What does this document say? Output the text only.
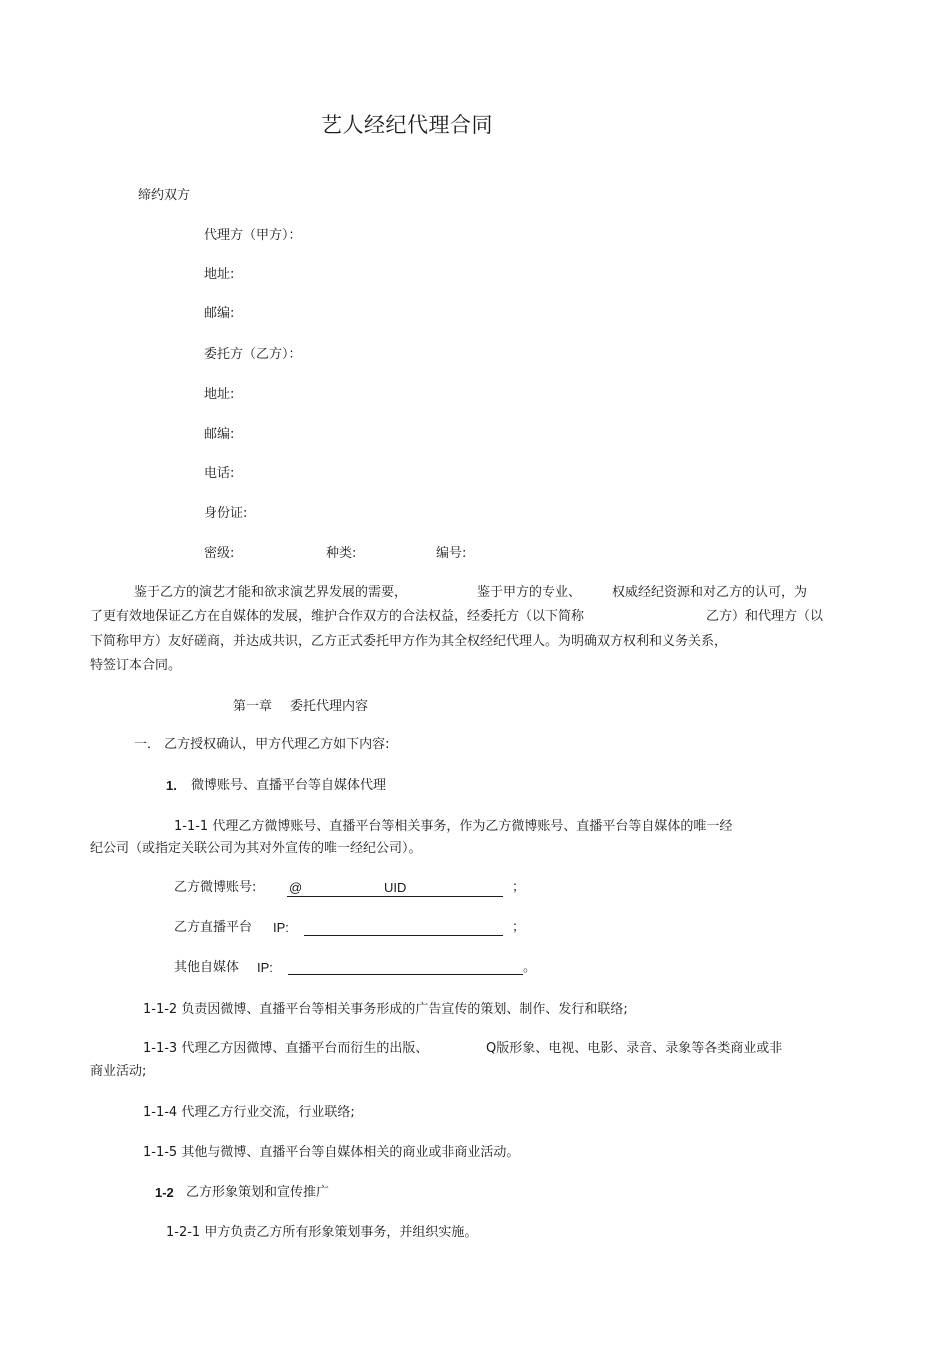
艺人经纪代理合同
缔约双方
代理方（甲方）：
地址:
邮编:
委托方（乙方）：
地址:
邮编:
电话:
身份证:
密级:	种类:	编号:
鉴于乙方的演艺才能和欲求演艺界发展的需要，	鉴于甲方的专业、 权威经纪资源和对乙方的认可，为
了更有效地保证乙方在自媒体的发展，维护合作双方的合法权益，经委托方（以下简称	乙方）和代理方（以
下简称甲方）友好磋商，并达成共识，乙方正式委托甲方作为其全权经纪代理人。为明确双方权利和义务关系，
特签订本合同。
第一章 委托代理内容
一． 乙方授权确认，甲方代理乙方如下内容:
1. 微博账号、直播平台等自媒体代理
1-1-1 代理乙方微博账号、直播平台等相关事务，作为乙方微博账号、直播平台等自媒体的唯一经
纪公司（或指定关联公司为其对外宣传的唯一经纪公司）。
乙方微博账号:	@	UID	；
乙方直播平台 IP:	；
其他自媒体 IP:	。
1-1-2 负责因微博、直播平台等相关事务形成的广告宣传的策划、制作、发行和联络;
1-1-3 代理乙方因微博、直播平台而衍生的出版、	Q版形象、电视、电影、录音、录象等各类商业或非
商业活动;
1-1-4 代理乙方行业交流，行业联络;
1-1-5 其他与微博、直播平台等自媒体相关的商业或非商业活动。
1-2 乙方形象策划和宣传推广
1-2-1 甲方负责乙方所有形象策划事务，并组织实施。
